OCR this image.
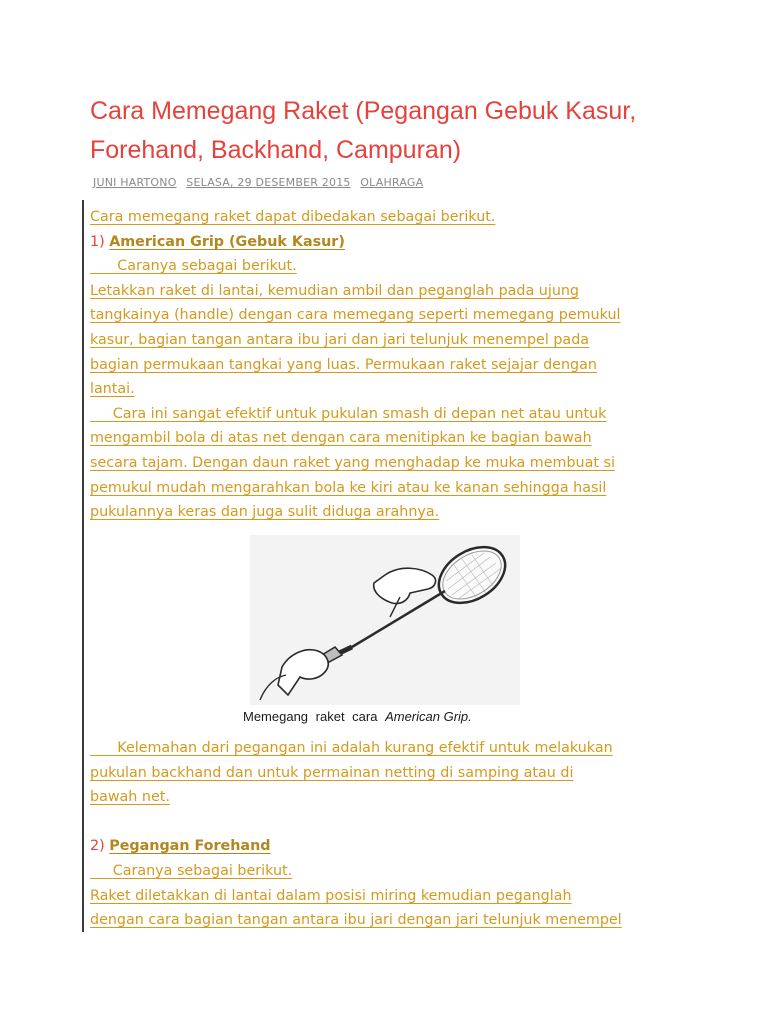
Cara Memegang Raket (Pegangan Gebuk Kasur, Forehand, Backhand, Campuran)
JUNI HARTONO SELASA, 29 DESEMBER 2015 OLAHRAGA

Cara memegang raket dapat dibedakan sebagai berikut.

1) American Grip (Gebuk Kasur)

Caranya sebagai berikut.

Letakkan raket di lantai, kemudian ambil dan peganglah pada ujung

tangkainya (handle) dengan cara memegang seperti memegang pemukul

kasur, bagian tangan antara ibu jari dan jari telunjuk menempel pada

bagian permukaan tangkai yang luas. Permukaan raket sejajar dengan

lantai.

Cara ini sangat efektif untuk pukulan smash di depan net atau untuk

mengambil bola di atas net dengan cara menitipkan ke bagian bawah

secara tajam. Dengan daun raket yang menghadap ke muka membuat si

pemukul mudah mengarahkan bola ke kiri atau ke kanan sehingga hasil

pukulannya keras dan juga sulit diduga arahnya.

Memegang raket cara American Grip.

Kelemahan dari pegangan ini adalah kurang efektif untuk melakukan

pukulan backhand dan untuk permainan netting di samping atau di

bawah net.

2) Pegangan Forehand

Caranya sebagai berikut.

Raket diletakkan di lantai dalam posisi miring kemudian peganglah

dengan cara bagian tangan antara ibu jari dengan jari telunjuk menempel
